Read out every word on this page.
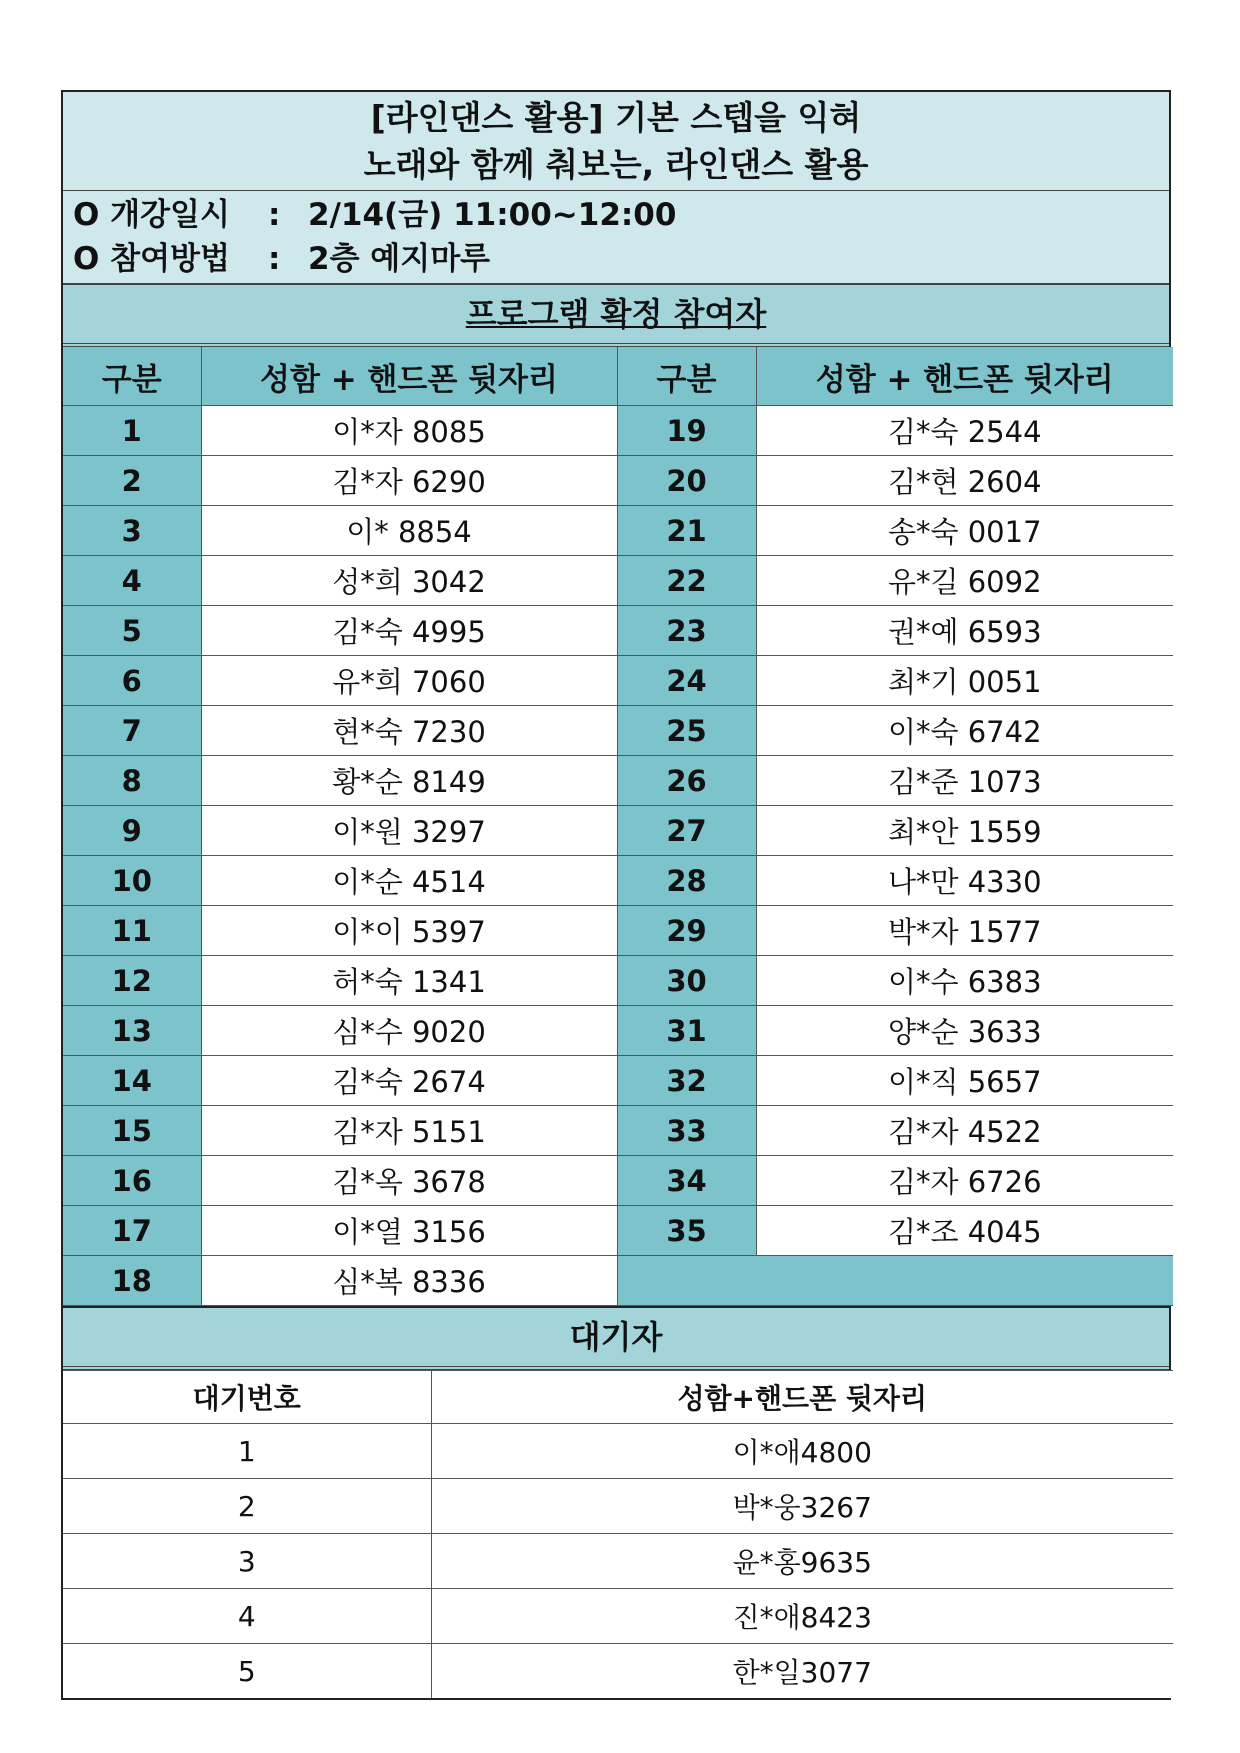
[라인댄스 활용] 기본 스텝을 익혀
노래와 함께 춰보는, 라인댄스 활용
O 개강일시 : 2/14(금) 11:00~12:00
O 참여방법 : 2층 예지마루
프로그램 확정 참여자
구분	성함 + 핸드폰 뒷자리	구분	성함 + 핸드폰 뒷자리
1	이*자 8085	19	김*숙 2544
2	김*자 6290	20	김*현 2604
3	이* 8854	21	송*숙 0017
4	성*희 3042	22	유*길 6092
5	김*숙 4995	23	권*예 6593
6	유*희 7060	24	최*기 0051
7	현*숙 7230	25	이*숙 6742
8	황*순 8149	26	김*준 1073
9	이*원 3297	27	최*안 1559
10	이*순 4514	28	나*만 4330
11	이*이 5397	29	박*자 1577
12	허*숙 1341	30	이*수 6383
13	심*수 9020	31	양*순 3633
14	김*숙 2674	32	이*직 5657
15	김*자 5151	33	김*자 4522
16	김*옥 3678	34	김*자 6726
17	이*열 3156	35	김*조 4045
18	심*복 8336		
대기자
대기번호	성함+핸드폰 뒷자리
1	이*애4800
2	박*웅3267
3	윤*홍9635
4	진*애8423
5	한*일3077
